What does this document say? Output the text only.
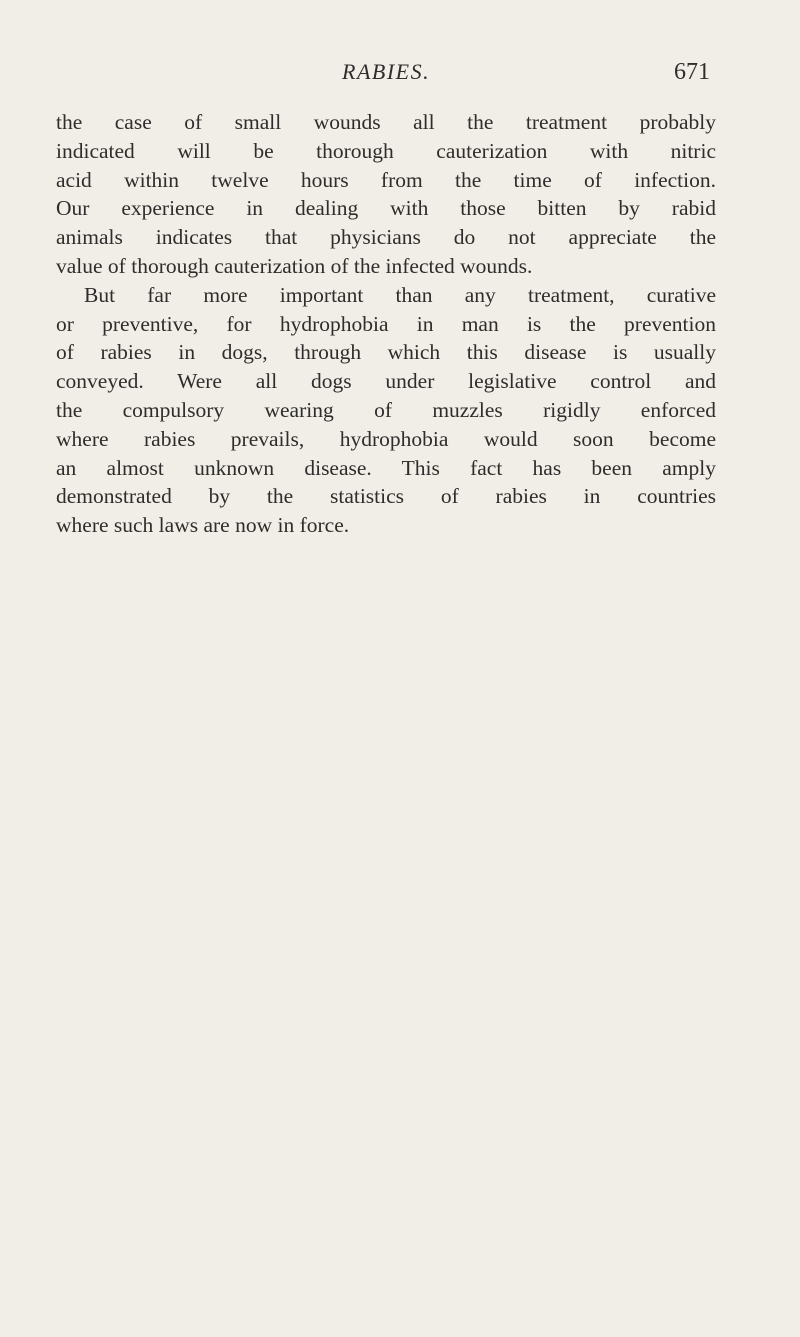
RABIES.	671
the case of small wounds all the treatment probably
indicated will be thorough cauterization with nitric
acid within twelve hours from the time of infection.
Our experience in dealing with those bitten by rabid
animals indicates that physicians do not appreciate the
value of thorough cauterization of the infected wounds.
But far more important than any treatment, curative
or preventive, for hydrophobia in man is the prevention
of rabies in dogs, through which this disease is usually
conveyed. Were all dogs under legislative control and
the compulsory wearing of muzzles rigidly enforced
where rabies prevails, hydrophobia would soon become
an almost unknown disease. This fact has been amply
demonstrated by the statistics of rabies in countries
where such laws are now in force.
